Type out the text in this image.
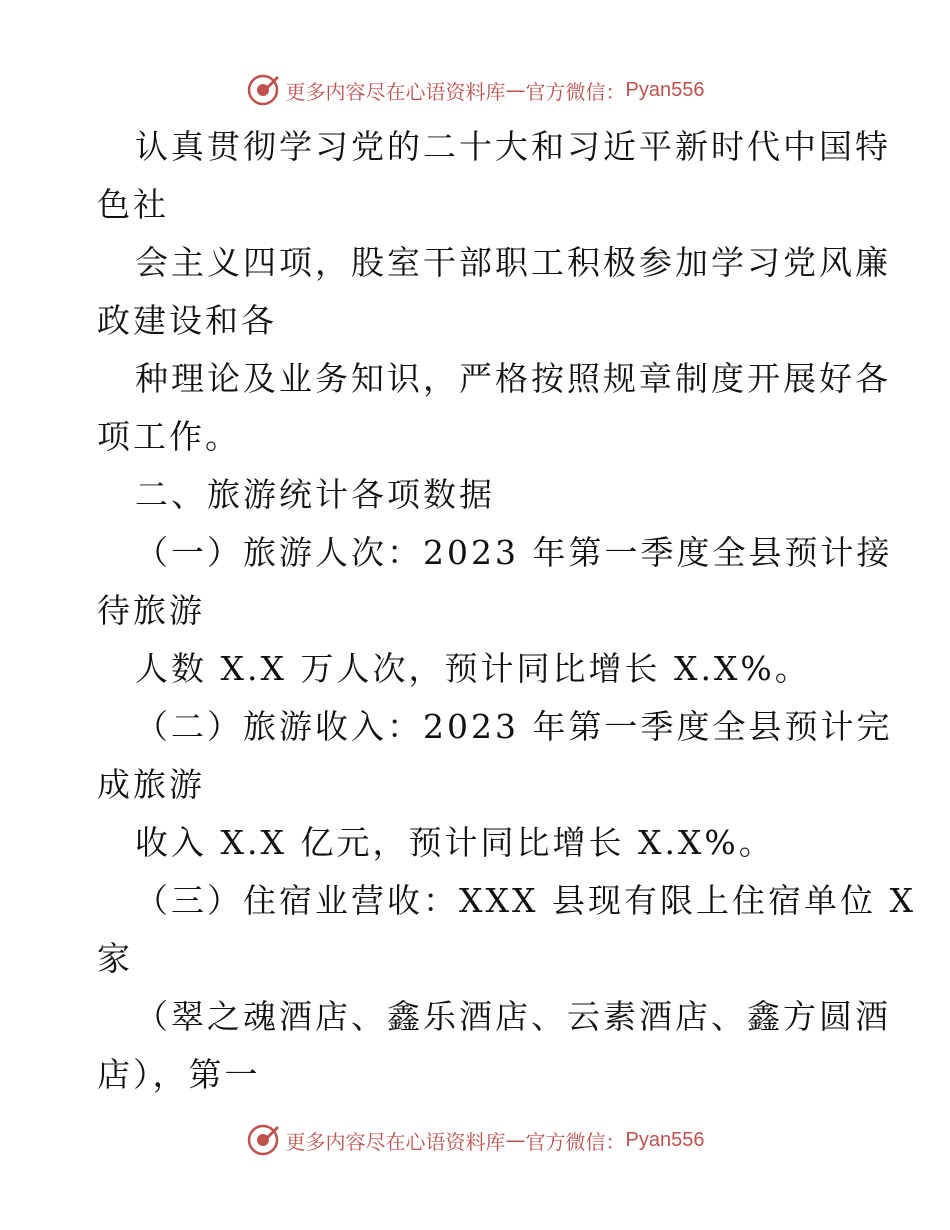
更多内容尽在心语资料库 — 官方微信： Pyan556
认真贯彻学习党的二十大和习近平新时代中国特
色社
会主义四项，股室干部职工积极参加学习党风廉
政建设和各
种理论及业务知识，严格按照规章制度开展好各
项工作。
二、旅游统计各项数据
（一）旅游人次：2023 年第一季度全县预计接
待旅游
人数 X.X 万人次，预计同比增长 X.X%。
（二）旅游收入：2023 年第一季度全县预计完
成旅游
收入 X.X 亿元，预计同比增长 X.X%。
（三）住宿业营收：XXX 县现有限上住宿单位 X
家
（翠之魂酒店、鑫乐酒店、云素酒店、鑫方圆酒
店），第一
更多内容尽在心语资料库 — 官方微信： Pyan556
